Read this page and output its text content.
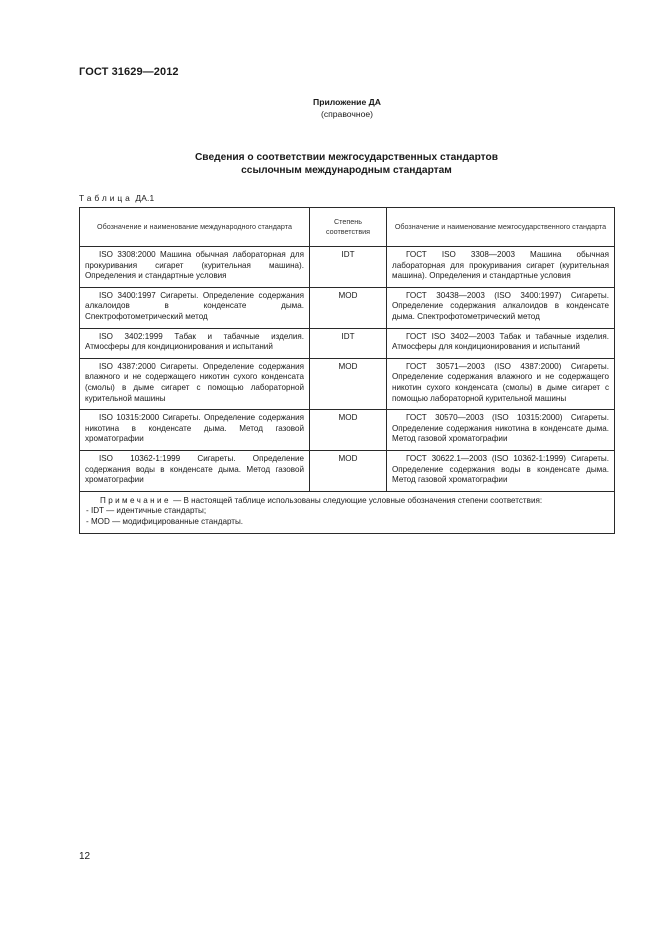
ГОСТ 31629—2012
Приложение ДА
(справочное)
Сведения о соответствии межгосударственных стандартов
ссылочным международным стандартам
Таблица ДА.1
Обозначение и наименование международного стандарта	Степень соответствия	Обозначение и наименование межгосударственного стандарта

ISO 3308:2000 Машина обычная лабораторная для прокуривания сигарет (курительная машина). Определения и стандартные условия	IDT	ГОСТ ISO 3308—2003 Машина обычная лабораторная для прокуривания сигарет (курительная машина). Определения и стандартные условия

ISO 3400:1997 Сигареты. Определение содержания алкалоидов в конденсате дыма. Спектрофотометрический метод	MOD	ГОСТ 30438—2003 (ISO 3400:1997) Сигареты. Определение содержания алкалоидов в конденсате дыма. Спектрофотометрический метод

ISO 3402:1999 Табак и табачные изделия. Атмосферы для кондиционирования и испытаний	IDT	ГОСТ ISO 3402—2003 Табак и табачные изделия. Атмосферы для кондиционирования и испытаний

ISO 4387:2000 Сигареты. Определение содержания влажного и не содержащего никотин сухого конденсата (смолы) в дыме сигарет с помощью лабораторной курительной машины	MOD	ГОСТ 30571—2003 (ISO 4387:2000) Сигареты. Определение содержания влажного и не содержащего никотин сухого конденсата (смолы) в дыме сигарет с помощью лабораторной курительной машины

ISO 10315:2000 Сигареты. Определение содержания никотина в конденсате дыма. Метод газовой хроматографии	MOD	ГОСТ 30570—2003 (ISO 10315:2000) Сигареты. Определение содержания никотина в конденсате дыма. Метод газовой хроматографии

ISO 10362-1:1999 Сигареты. Определение содержания воды в конденсате дыма. Метод газовой хроматографии	MOD	ГОСТ 30622.1—2003 (ISO 10362-1:1999) Сигареты. Определение содержания воды в конденсате дыма. Метод газовой хроматографии

Примечание — В настоящей таблице использованы следующие условные обозначения степени соответствия:
- IDT — идентичные стандарты;
- MOD — модифицированные стандарты.		
12
